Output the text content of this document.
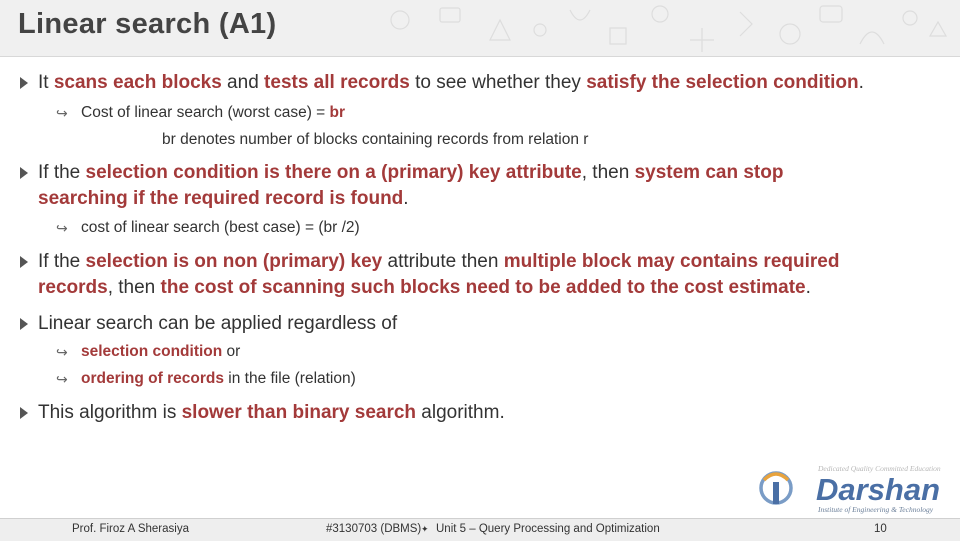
Linear search (A1)
It scans each blocks and tests all records to see whether they satisfy the selection condition.
↪ Cost of linear search (worst case) = br
br denotes number of blocks containing records from relation r
If the selection condition is there on a (primary) key attribute, then system can stop
searching if the required record is found.
↪ cost of linear search (best case) = (br /2)
If the selection is on non (primary) key attribute then multiple block may contains required
records, then the cost of scanning such blocks need to be added to the cost estimate.
Linear search can be applied regardless of
↪ selection condition or
↪ ordering of records in the file (relation)
This algorithm is slower than binary search algorithm.
Dedicated Quality Committed Education
Darshan
Institute of Engineering & Technology
Prof. Firoz A Sherasiya	#3130703 (DBMS) ✦ Unit 5 – Query Processing and Optimization	10
